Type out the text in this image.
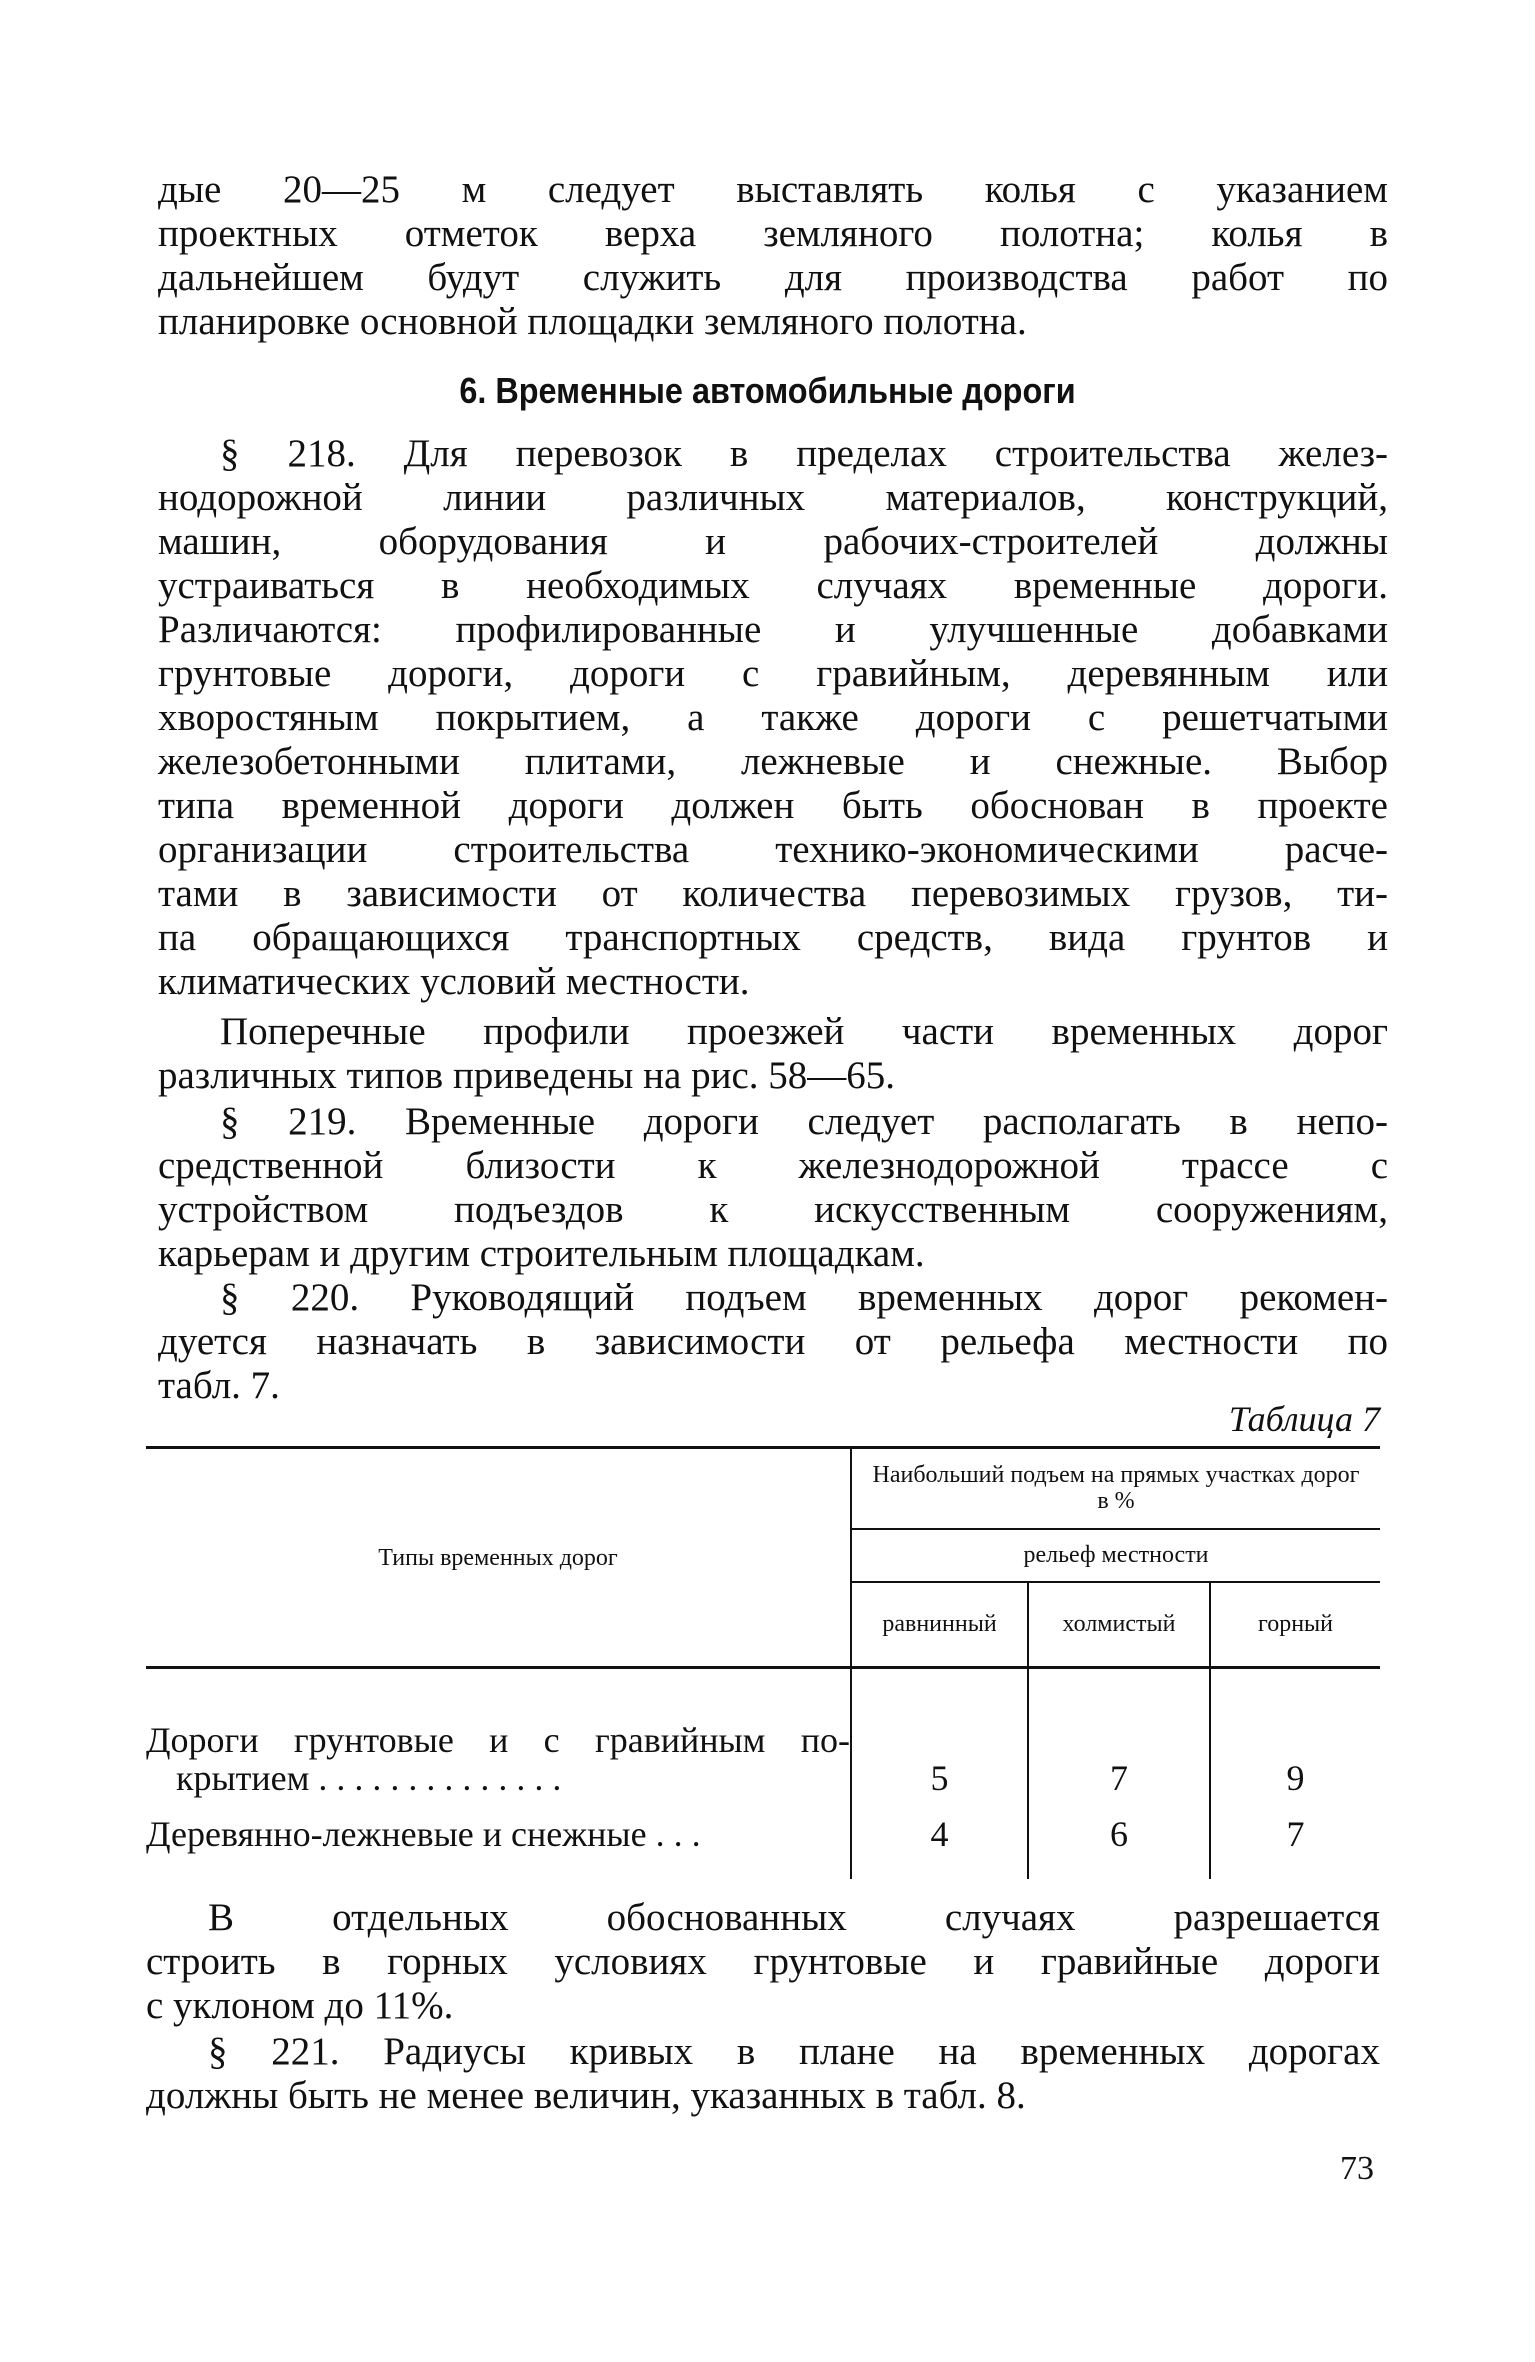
дые 20—25 м следует выставлять колья с указанием
проектных отметок верха земляного полотна; колья в
дальнейшем будут служить для производства работ по
планировке основной площадки земляного полотна.
6. Временные автомобильные дороги
§ 218. Для перевозок в пределах строительства желез-
нодорожной линии различных материалов, конструкций,
машин, оборудования и рабочих-строителей должны
устраиваться в необходимых случаях временные дороги.
Различаются: профилированные и улучшенные добавками
грунтовые дороги, дороги с гравийным, деревянным или
хворостяным покрытием, а также дороги с решетчатыми
железобетонными плитами, лежневые и снежные. Выбор
типа временной дороги должен быть обоснован в проекте
организации строительства технико-экономическими расче-
тами в зависимости от количества перевозимых грузов, ти-
па обращающихся транспортных средств, вида грунтов и
климатических условий местности.
Поперечные профили проезжей части временных дорог
различных типов приведены на рис. 58—65.
§ 219. Временные дороги следует располагать в непо-
средственной близости к железнодорожной трассе с
устройством подъездов к искусственным сооружениям,
карьерам и другим строительным площадкам.
§ 220. Руководящий подъем временных дорог рекомен-
дуется назначать в зависимости от рельефа местности по
табл. 7.
Таблица 7
Типы временных дорог	Наибольший подъем на прямых участках дорог в %		
	рельеф местности		
	равнинный	холмистый	горный

Дороги грунтовые и с гравийным по-
крытием . . . . . . . . . . . . . .	5	7	9
Деревянно-лежневые и снежные . . .	4	6	7
В отдельных обоснованных случаях разрешается
строить в горных условиях грунтовые и гравийные дороги
с уклоном до 11%.
§ 221. Радиусы кривых в плане на временных дорогах
должны быть не менее величин, указанных в табл. 8.
73
